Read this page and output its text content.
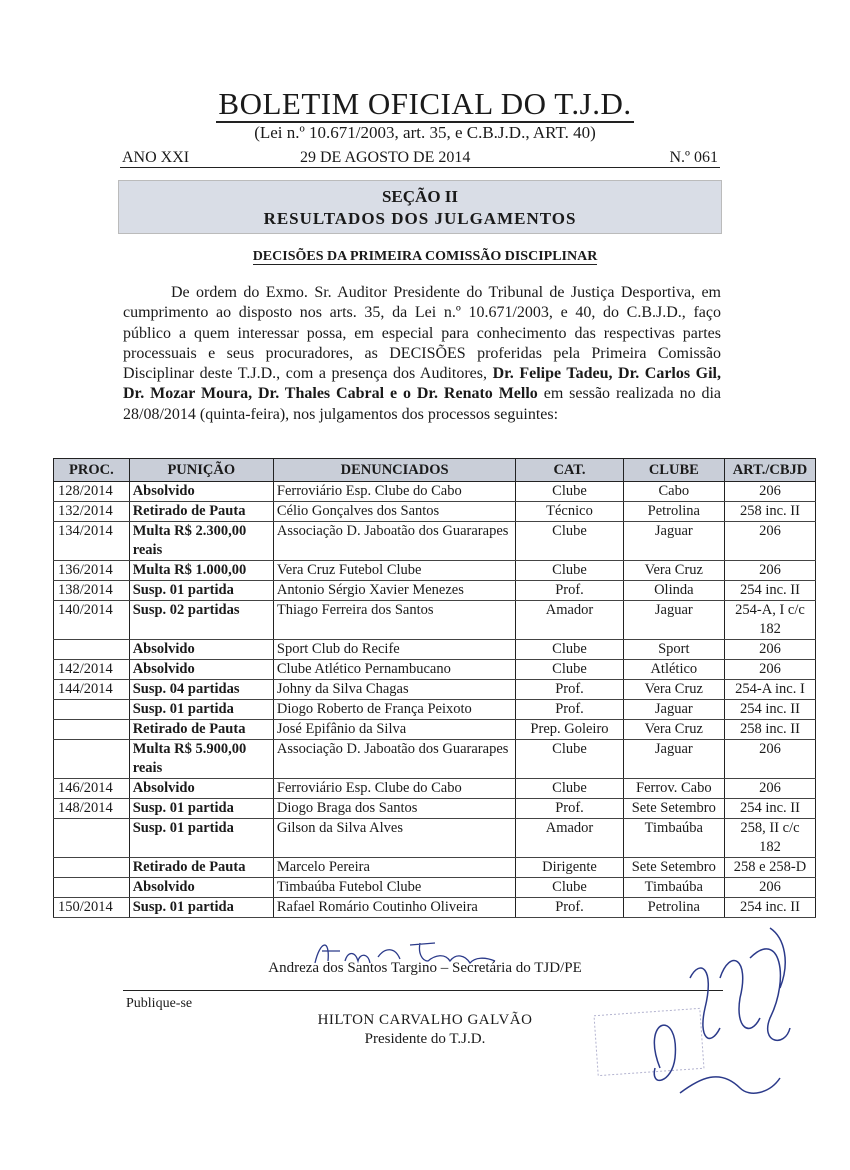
BOLETIM OFICIAL DO T.J.D.
(Lei n.º 10.671/2003, art. 35, e C.B.J.D., ART. 40)
ANO XXI	29 DE AGOSTO DE 2014	N.º 061
SEÇÃO II
RESULTADOS DOS JULGAMENTOS
DECISÕES DA PRIMEIRA COMISSÃO DISCIPLINAR
De ordem do Exmo. Sr. Auditor Presidente do Tribunal de Justiça Desportiva, em cumprimento ao disposto nos arts. 35, da Lei n.º 10.671/2003, e 40, do C.B.J.D., faço público a quem interessar possa, em especial para conhecimento das respectivas partes processuais e seus procuradores, as DECISÕES proferidas pela Primeira Comissão Disciplinar deste T.J.D., com a presença dos Auditores, Dr. Felipe Tadeu, Dr. Carlos Gil, Dr. Mozar Moura, Dr. Thales Cabral e o Dr. Renato Mello em sessão realizada no dia 28/08/2014 (quinta-feira), nos julgamentos dos processos seguintes:
PROC.	PUNIÇÃO	DENUNCIADOS	CAT.	CLUBE	ART./CBJD
128/2014	Absolvido	Ferroviário Esp. Clube do Cabo	Clube	Cabo	206
132/2014	Retirado de Pauta	Célio Gonçalves dos Santos	Técnico	Petrolina	258 inc. II
134/2014	Multa R$ 2.300,00 reais	Associação D. Jaboatão dos Guararapes	Clube	Jaguar	206
136/2014	Multa R$ 1.000,00	Vera Cruz Futebol Clube	Clube	Vera Cruz	206
138/2014	Susp. 01 partida	Antonio Sérgio Xavier Menezes	Prof.	Olinda	254 inc. II
140/2014	Susp. 02 partidas	Thiago Ferreira dos Santos	Amador	Jaguar	254-A, I c/c 182
	Absolvido	Sport Club do Recife	Clube	Sport	206
142/2014	Absolvido	Clube Atlético Pernambucano	Clube	Atlético	206
144/2014	Susp. 04 partidas	Johny da Silva Chagas	Prof.	Vera Cruz	254-A inc. I
	Susp. 01 partida	Diogo Roberto de França Peixoto	Prof.	Jaguar	254 inc. II
	Retirado de Pauta	José Epifânio da Silva	Prep. Goleiro	Vera Cruz	258 inc. II
	Multa R$ 5.900,00 reais	Associação D. Jaboatão dos Guararapes	Clube	Jaguar	206
146/2014	Absolvido	Ferroviário Esp. Clube do Cabo	Clube	Ferrov. Cabo	206
148/2014	Susp. 01 partida	Diogo Braga dos Santos	Prof.	Sete Setembro	254 inc. II
	Susp. 01 partida	Gilson da Silva Alves	Amador	Timbaúba	258, II c/c 182
	Retirado de Pauta	Marcelo Pereira	Dirigente	Sete Setembro	258 e 258-D
	Absolvido	Timbaúba Futebol Clube	Clube	Timbaúba	206
150/2014	Susp. 01 partida	Rafael Romário Coutinho Oliveira	Prof.	Petrolina	254 inc. II
Andreza dos Santos Targino – Secretária do TJD/PE
Publique-se
HILTON CARVALHO GALVÃO
Presidente do T.J.D.
